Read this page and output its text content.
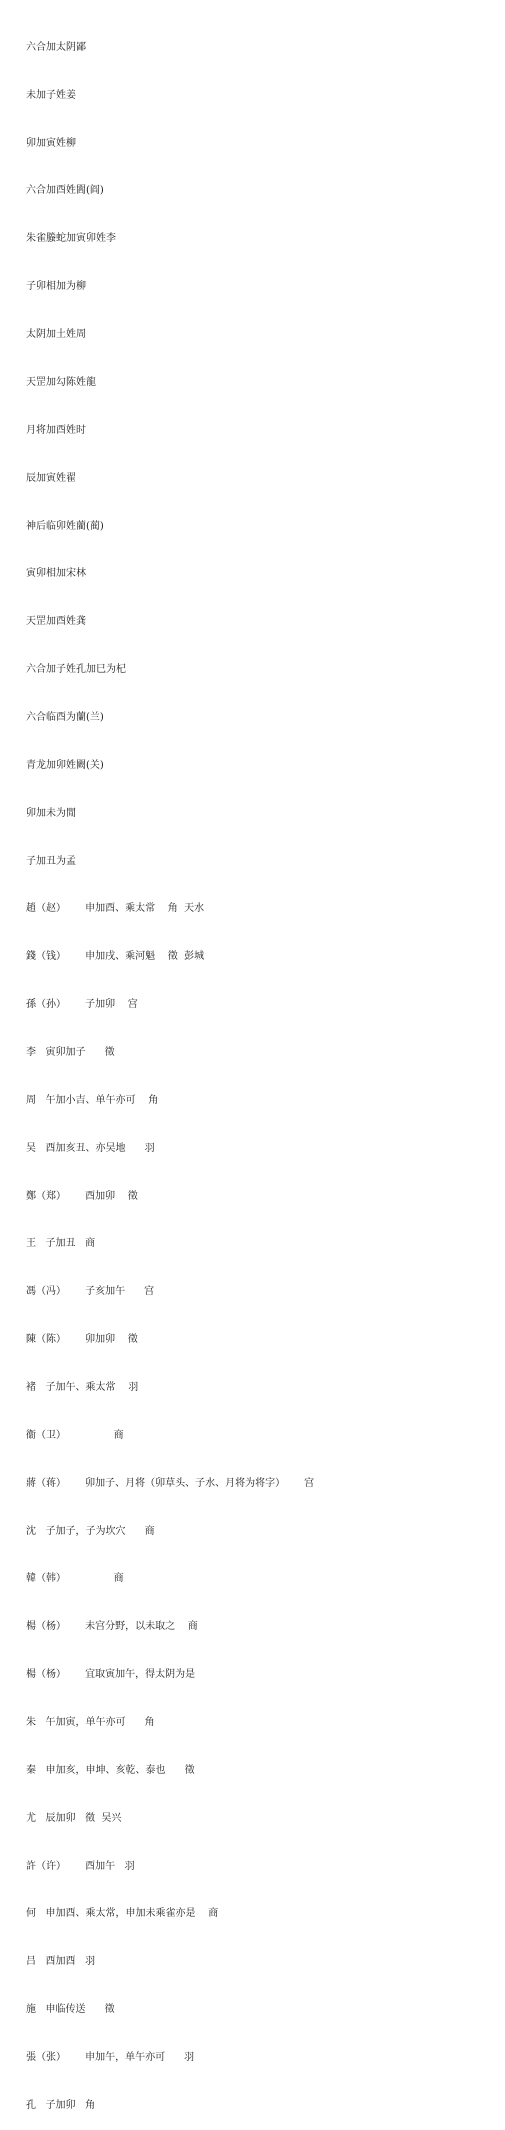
六合加太阴鄙

未加子姓姜

卯加寅姓柳

六合加酉姓閻(阎)

朱雀螣蛇加寅卯姓李

子卯相加为柳

太阴加土姓周

天罡加勾陈姓龍

月将加酉姓时

辰加寅姓翟

神后临卯姓藺(蔺)

寅卯相加宋林

天罡加酉姓龚

六合加子姓孔加巳为杞

六合临酉为蘭(兰)

青龙加卯姓闕(关)

卯加未为閒

子加丑为孟

趙（赵）      申加酉、乘太常    角  天水

錢（钱）      申加戌、乘河魁    徵  彭城

孫（孙）      子加卯    宫

李   寅卯加子      徵

周   午加小吉、单午亦可    角

吴   酉加亥丑、亦吴地      羽

鄭（郑）      酉加卯    徵

王   子加丑   商

馮（冯）      子亥加午      宫

陳（陈）      卯加卯    徵

褚   子加午、乘太常    羽

衞（卫）               商

蔣（蒋）      卯加子、月将（卯草头、子水、月将为将字）      宫

沈   子加子，子为坎穴      商

韓（韩）               商

楊（杨）      未宫分野，以未取之    商

楊（杨）      宜取寅加午，得太阴为是

朱   午加寅，单午亦可      角

秦   申加亥，申坤、亥乾、泰也      徵

尤   辰加卯   徵  吴兴

許（许）      酉加午   羽

何   申加酉、乘太常，申加未乘雀亦是    商

吕   酉加酉   羽

施   申临传送      徵

張（张）      申加午，单午亦可      羽

孔   子加卯   角
